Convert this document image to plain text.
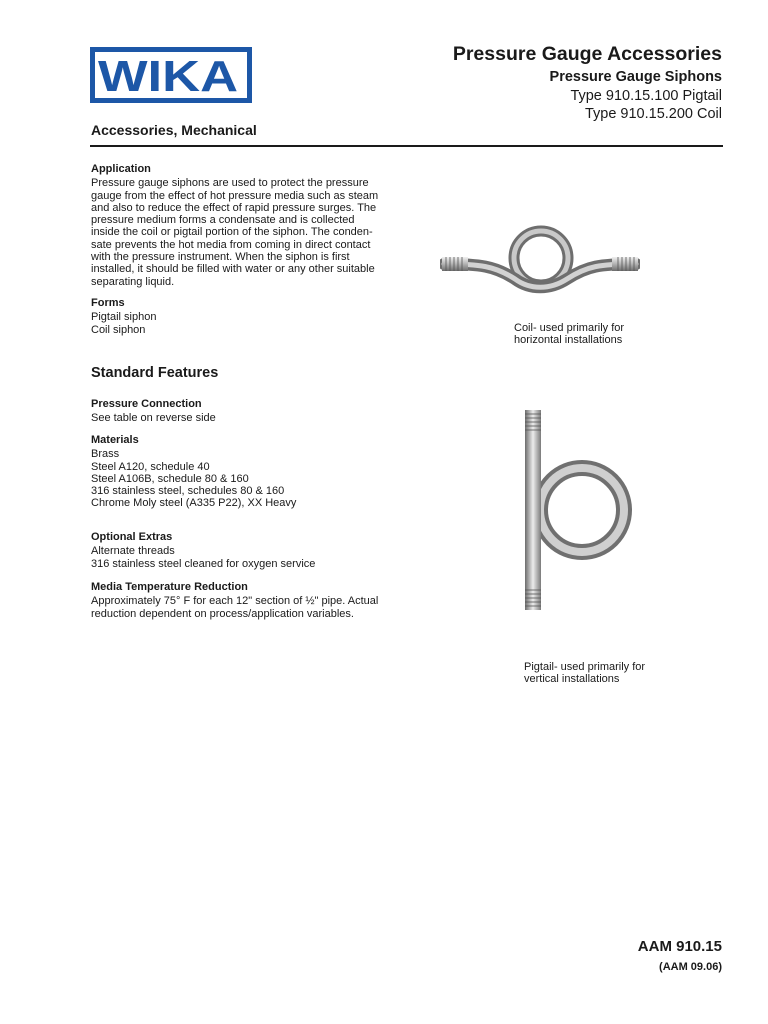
WIKA	Pressure Gauge Accessories
Pressure Gauge Siphons
Type 910.15.100 Pigtail
Type 910.15.200 Coil
Accessories, Mechanical
Application
Pressure gauge siphons are used to protect the pressure
gauge from the effect of hot pressure media such as steam
and also to reduce the effect of rapid pressure surges. The
pressure medium forms a condensate and is collected
inside the coil or pigtail portion of the siphon. The conden-
sate prevents the hot media from coming in direct contact
with the pressure instrument. When the siphon is first
installed, it should be filled with water or any other suitable
separating liquid.
Forms
Pigtail siphon
Coil siphon
Standard Features
Pressure Connection
See table on reverse side
Materials
Brass
Steel A120, schedule 40
Steel A106B, schedule 80 & 160
316 stainless steel, schedules 80 & 160
Chrome Moly steel (A335 P22), XX Heavy
Optional Extras
Alternate threads
316 stainless steel cleaned for oxygen service
Media Temperature Reduction
Approximately 75° F for each 12" section of ½" pipe. Actual
reduction dependent on process/application variables.
Coil- used primarily for
horizontal installations
Pigtail- used primarily for
vertical installations
AAM 910.15
(AAM 09.06)
